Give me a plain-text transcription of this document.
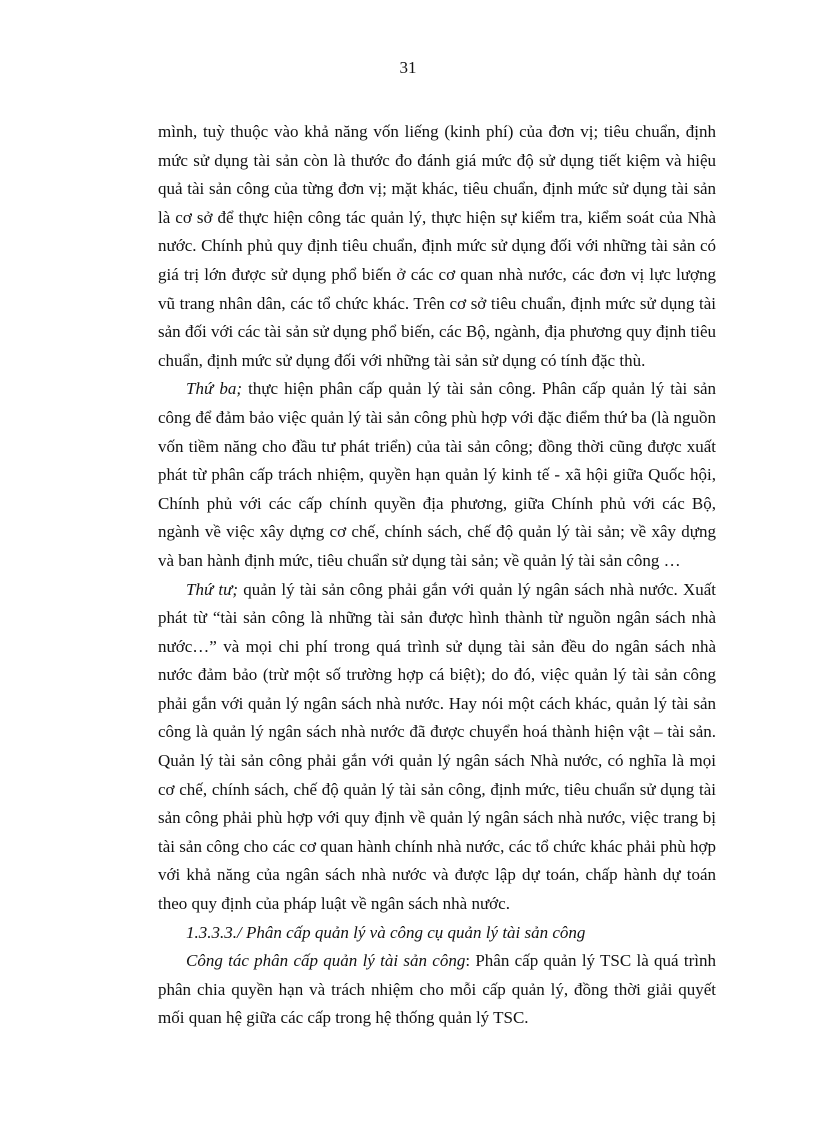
31

mình, tuỳ thuộc vào khả năng vốn liếng (kinh phí) của đơn vị; tiêu chuẩn, định mức sử dụng tài sản còn là thước đo đánh giá mức độ sử dụng tiết kiệm và hiệu quả tài sản công của từng đơn vị; mặt khác, tiêu chuẩn, định mức sử dụng tài sản là cơ sở để thực hiện công tác quản lý, thực hiện sự kiểm tra, kiểm soát của Nhà nước. Chính phủ quy định tiêu chuẩn, định mức sử dụng đối với những tài sản có giá trị lớn được sử dụng phổ biến ở các cơ quan nhà nước, các đơn vị lực lượng vũ trang nhân dân, các tổ chức khác. Trên cơ sở tiêu chuẩn, định mức sử dụng tài sản đối với các tài sản sử dụng phổ biến, các Bộ, ngành, địa phương quy định tiêu chuẩn, định mức sử dụng đối với những tài sản sử dụng có tính đặc thù.

Thứ ba; thực hiện phân cấp quản lý tài sản công. Phân cấp quản lý tài sản công để đảm bảo việc quản lý tài sản công phù hợp với đặc điểm thứ ba (là nguồn vốn tiềm năng cho đầu tư phát triển) của tài sản công; đồng thời cũng được xuất phát từ phân cấp trách nhiệm, quyền hạn quản lý kinh tế - xã hội giữa Quốc hội, Chính phủ với các cấp chính quyền địa phương, giữa Chính phủ với các Bộ, ngành về việc xây dựng cơ chế, chính sách, chế độ quản lý tài sản; về xây dựng và ban hành định mức, tiêu chuẩn sử dụng tài sản; về quản lý tài sản công …

Thứ tư; quản lý tài sản công phải gắn với quản lý ngân sách nhà nước. Xuất phát từ “tài sản công là những tài sản được hình thành từ nguồn ngân sách nhà nước…” và mọi chi phí trong quá trình sử dụng tài sản đều do ngân sách nhà nước đảm bảo (trừ một số trường hợp cá biệt); do đó, việc quản lý tài sản công phải gắn với quản lý ngân sách nhà nước. Hay nói một cách khác, quản lý tài sản công là quản lý ngân sách nhà nước đã được chuyển hoá thành hiện vật – tài sản. Quản lý tài sản công phải gắn với quản lý ngân sách Nhà nước, có nghĩa là mọi cơ chế, chính sách, chế độ quản lý tài sản công, định mức, tiêu chuẩn sử dụng tài sản công phải phù hợp với quy định về quản lý ngân sách nhà nước, việc trang bị tài sản công cho các cơ quan hành chính nhà nước, các tổ chức khác phải phù hợp với khả năng của ngân sách nhà nước và được lập dự toán, chấp hành dự toán theo quy định của pháp luật về ngân sách nhà nước.

1.3.3.3./ Phân cấp quản lý và công cụ quản lý tài sản công

Công tác phân cấp quản lý tài sản công: Phân cấp quản lý TSC là quá trình phân chia quyền hạn và trách nhiệm cho mỗi cấp quản lý, đồng thời giải quyết mối quan hệ giữa các cấp trong hệ thống quản lý TSC.
